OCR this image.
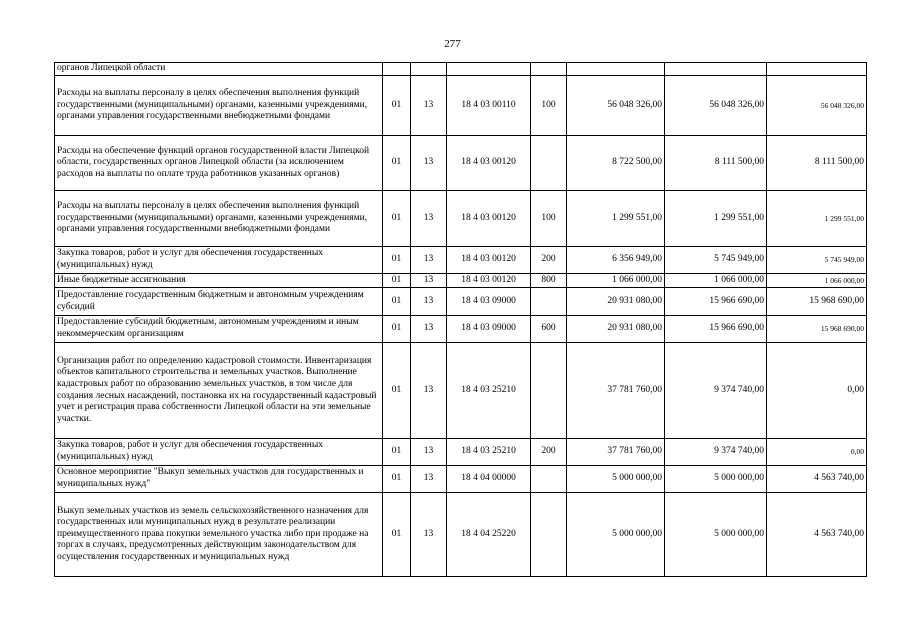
277
органов Липецкой области							
Расходы на выплаты персоналу в целях обеспечения выполнения функций государственными (муниципальными) органами, казенными учреждениями, органами управления государственными внебюджетными фондами	01	13	18 4 03 00110	100	56 048 326,00	56 048 326,00	56 048 326,00
Расходы на обеспечение функций органов государственной власти Липецкой области, государственных органов Липецкой области (за исключением расходов на выплаты по оплате труда работников указанных органов)	01	13	18 4 03 00120		8 722 500,00	8 111 500,00	8 111 500,00
Расходы на выплаты персоналу в целях обеспечения выполнения функций государственными (муниципальными) органами, казенными учреждениями, органами управления государственными внебюджетными фондами	01	13	18 4 03 00120	100	1 299 551,00	1 299 551,00	1 299 551,00
Закупка товаров, работ и услуг для обеспечения государственных (муниципальных) нужд	01	13	18 4 03 00120	200	6 356 949,00	5 745 949,00	5 745 949,00
Иные бюджетные ассигнования	01	13	18 4 03 00120	800	1 066 000,00	1 066 000,00	1 066 000,00
Предоставление государственным бюджетным и автономным учреждениям субсидий	01	13	18 4 03 09000		20 931 080,00	15 966 690,00	15 968 690,00
Предоставление субсидий бюджетным, автономным учреждениям и иным некоммерческим организациям	01	13	18 4 03 09000	600	20 931 080,00	15 966 690,00	15 968 690,00
Организация работ по определению кадастровой стоимости. Инвентаризация объектов капитального строительства и земельных участков. Выполнение кадастровых работ по образованию земельных участков, в том числе для создания лесных насаждений, постановка их на государственный кадастровый учет и регистрация права собственности Липецкой области на эти земельные участки.	01	13	18 4 03 25210		37 781 760,00	9 374 740,00	0,00
Закупка товаров, работ и услуг для обеспечения государственных (муниципальных) нужд	01	13	18 4 03 25210	200	37 781 760,00	9 374 740,00	0,00
Основное мероприятие "Выкуп земельных участков для государственных и муниципальных нужд"	01	13	18 4 04 00000		5 000 000,00	5 000 000,00	4 563 740,00
Выкуп земельных участков из земель сельскохозяйственного назначения для государственных или муниципальных нужд в результате реализации преимущественного права покупки земельного участка либо при продаже на торгах в случаях, предусмотренных действующим законодательством для осуществления государственных и муниципальных нужд	01	13	18 4 04 25220		5 000 000,00	5 000 000,00	4 563 740,00
